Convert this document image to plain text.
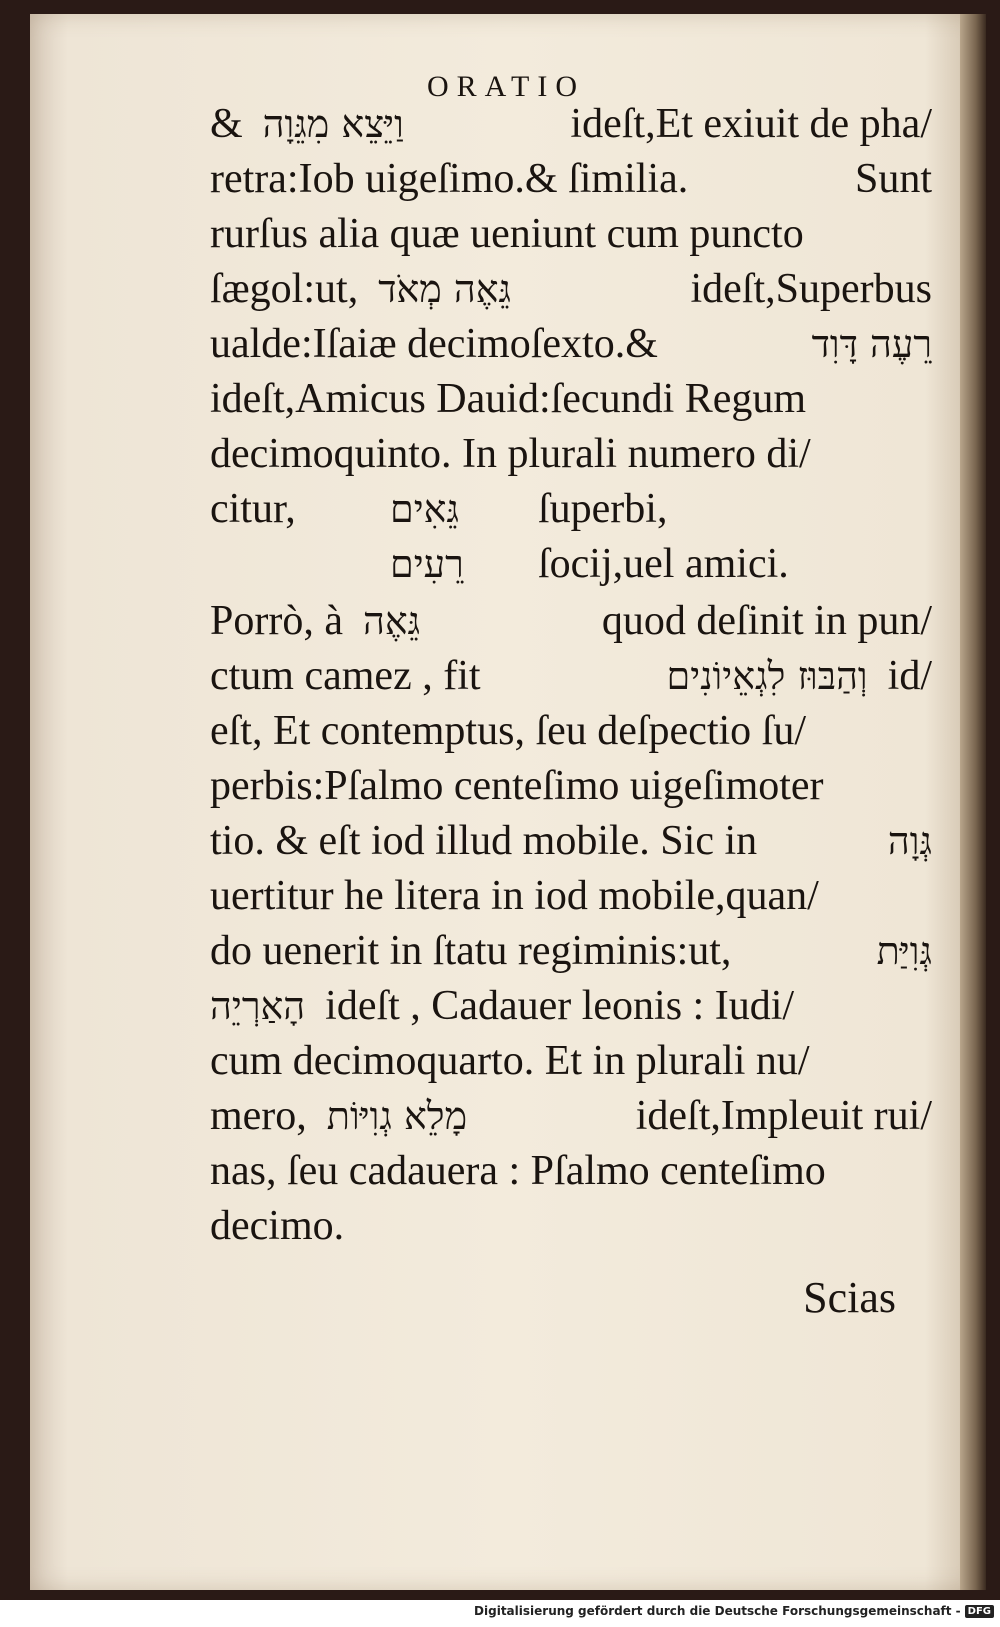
ORATIO
& וַיֵּצֵא מִגֵּוָה	ideſt,Et exiuit de pha/
retra:Iob uigeſimo.& ſimilia.	Sunt
rurſus alia quæ ueniunt cum puncto
ſægol:ut, גֵּאֶה מְאֹד	ideſt,Superbus
ualde:Iſaiæ decimoſexto.&	רֵעֶה דָּוִד
ideſt,Amicus Dauid:ſecundi Regum
decimoquinto. In plurali numero di/
citur,	גֵּאִים	ſuperbi,
רֵעִים	ſocij,uel amici.
Porrò, à גֵּאֶה	quod deſinit in pun/
ctum camez , fit	וְהַבּוּז לִגְאֵיוֹנִים id/
eſt, Et contemptus, ſeu deſpectio ſu/
perbis:Pſalmo centeſimo uigeſimoter
tio. & eſt iod illud mobile. Sic in	גְּוָה
uertitur he litera in iod mobile,quan/
do uenerit in ſtatu regiminis:ut,	גְּוִיַּת
הָאַרְיֵה ideſt , Cadauer leonis : Iudi/
cum decimoquarto. Et in plurali nu/
mero, מָלֵא גְוִיּוֹת	ideſt,Impleuit rui/
nas, ſeu cadauera : Pſalmo centeſimo
decimo.
Scias
Digitalisierung gefördert durch die Deutsche Forschungsgemeinschaft - DFG
